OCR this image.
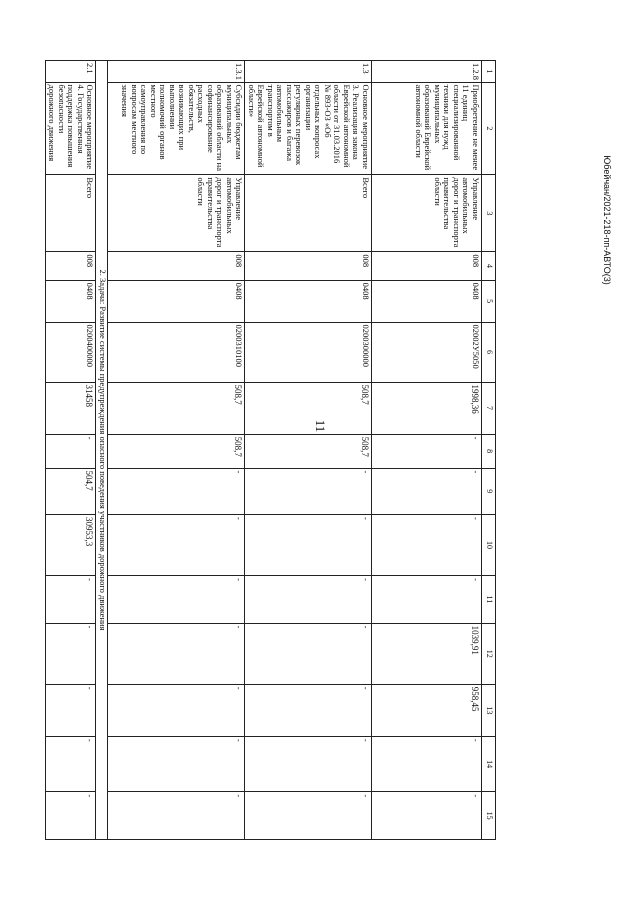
11
Юбейчан/2021-218-пп-АВТО(3)
1	2	3	4	5	6	7	8	9	10	11	12	13	14	15
1.2.8	Приобретение не менее 11 единиц специализированной техники для нужд муниципальных образований Еврейской автономной области	Управление автомобильных дорог и транспорта правительства области	008	0408	02002У5050	1998,36	-	-	-	-	1039,91	958,45	-	-
1.3	Основное мероприятие 3. Реализация закона Еврейской автономной области от 31.03.2016 № 893-ОЗ «Об отдельных вопросах организации регулярных перевозок пассажиров и багажа автомобильным транспортом в Еврейской автономной области»	Всего	008	0408	0200300000	508,7	508,7	-	-	-	-	-	-	-
1.3.1	Субсидии бюджетам муниципальных образований области на софинансирование расходных обязательств, возникающих при выполнении полномочий органов местного самоуправления по вопросам местного значения	Управление автомобильных дорог и транспорта правительства области	008	0408	0200310100	508,7	508,7	-	-	-	-	-	-	-
2. Задача: Развитие системы предупреждения опасного поведения участников дорожного движения														
2.1	Основное мероприятие 4. Государственная поддержка повышения безопасности дорожного движения	Всего	008	0408	0200400000	31458	-	504,7	30953,3	-	-	-	-	-
